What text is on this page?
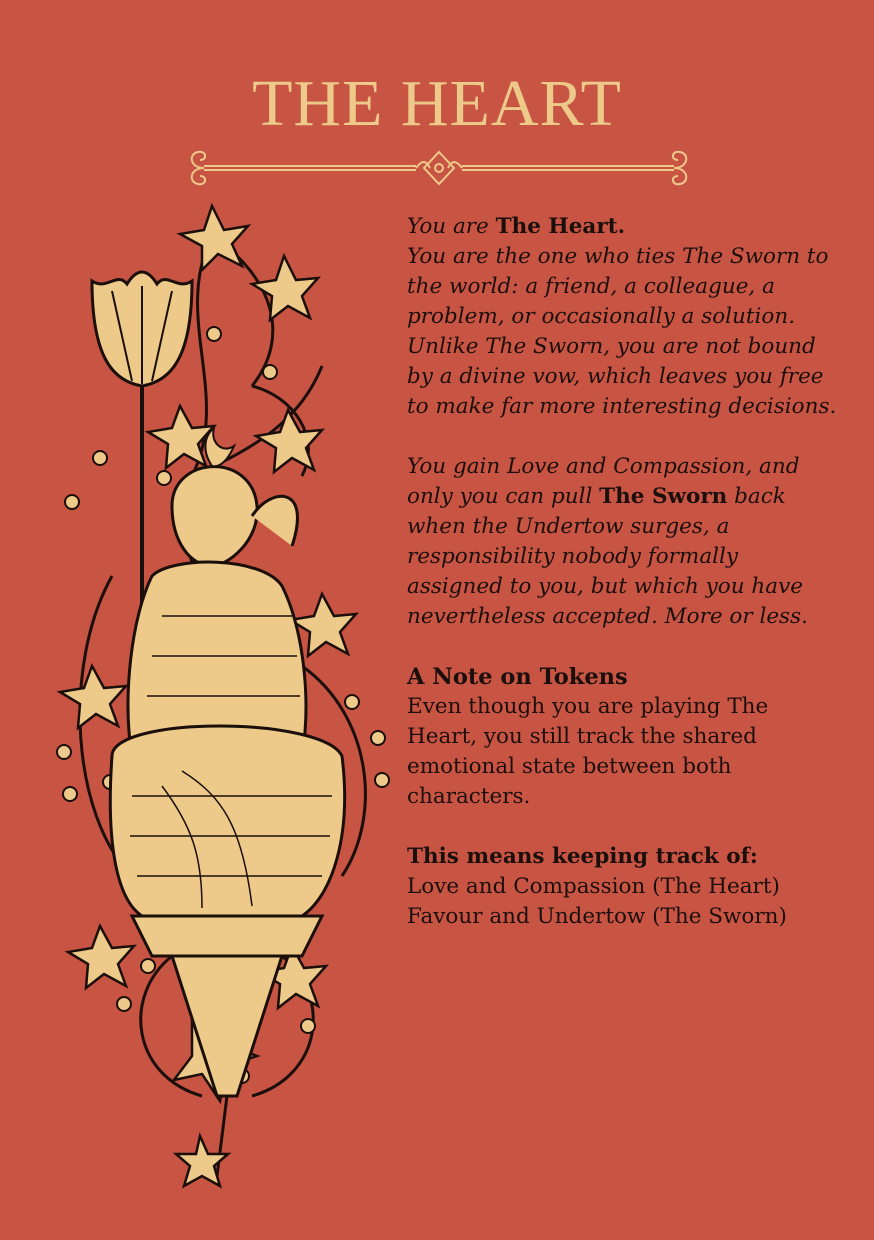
THE HEART

You are The Heart.
You are the one who ties The Sworn to the world: a friend, a colleague, a problem, or occasionally a solution. Unlike The Sworn, you are not bound by a divine vow, which leaves you free to make far more interesting decisions.

You gain Love and Compassion, and only you can pull The Sworn back when the Undertow surges, a responsibility nobody formally assigned to you, but which you have nevertheless accepted. More or less.

A Note on Tokens
Even though you are playing The Heart, you still track the shared emotional state between both characters.

This means keeping track of:
Love and Compassion (The Heart)
Favour and Undertow (The Sworn)
